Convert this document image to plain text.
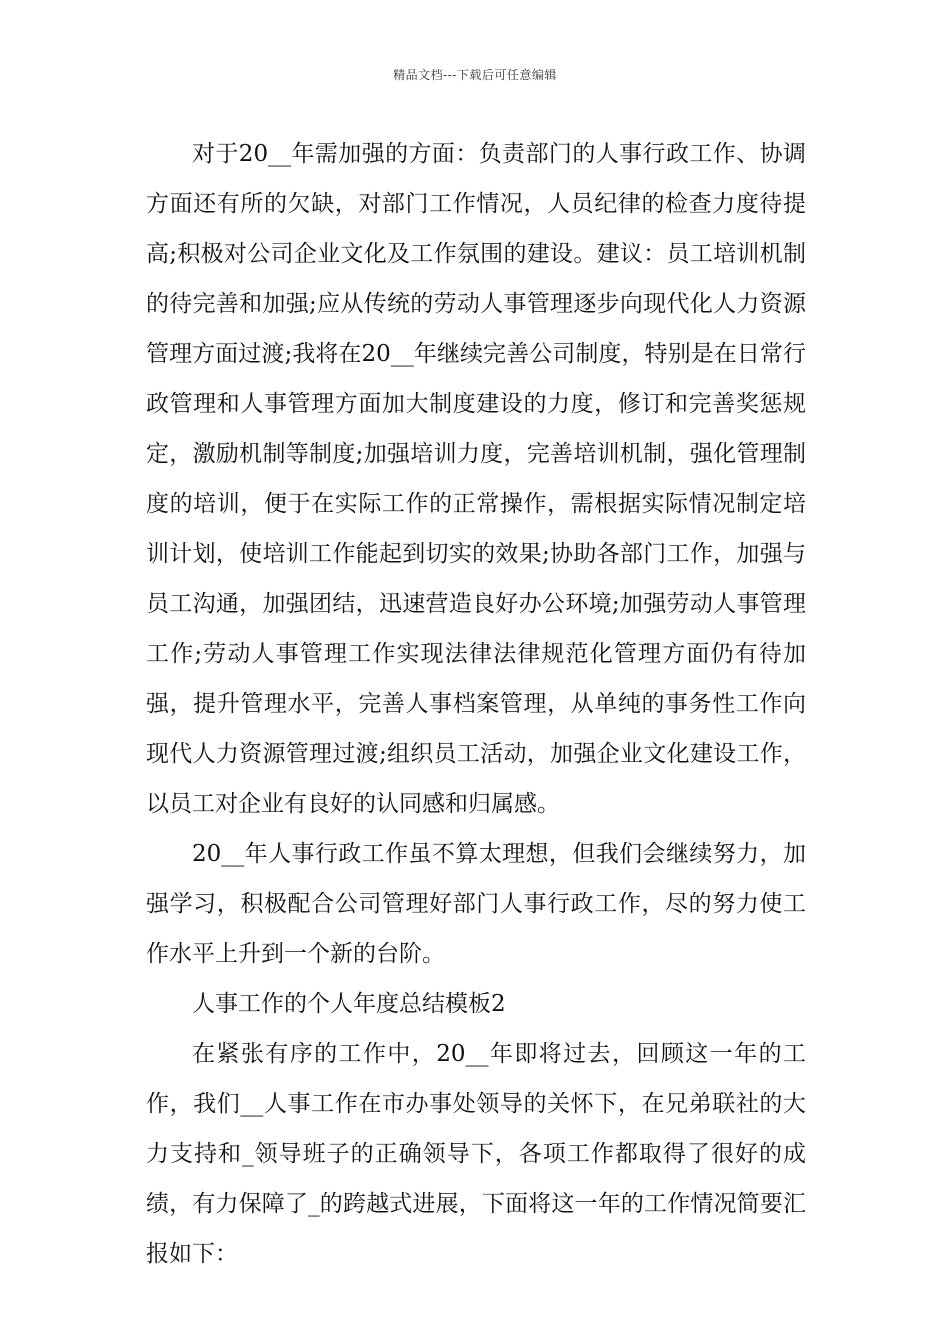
精品文档---下载后可任意编辑

对于20__年需加强的方面：负责部门的人事行政工作、协调方面还有所的欠缺，对部门工作情况，人员纪律的检查力度待提高;积极对公司企业文化及工作氛围的建设。建议：员工培训机制的待完善和加强;应从传统的劳动人事管理逐步向现代化人力资源管理方面过渡;我将在20__年继续完善公司制度，特别是在日常行政管理和人事管理方面加大制度建设的力度，修订和完善奖惩规定，激励机制等制度;加强培训力度，完善培训机制，强化管理制度的培训，便于在实际工作的正常操作，需根据实际情况制定培训计划，使培训工作能起到切实的效果;协助各部门工作，加强与员工沟通，加强团结，迅速营造良好办公环境;加强劳动人事管理工作;劳动人事管理工作实现法律法律规范化管理方面仍有待加强，提升管理水平，完善人事档案管理，从单纯的事务性工作向现代人力资源管理过渡;组织员工活动，加强企业文化建设工作，以员工对企业有良好的认同感和归属感。

20__年人事行政工作虽不算太理想，但我们会继续努力，加强学习，积极配合公司管理好部门人事行政工作，尽的努力使工作水平上升到一个新的台阶。

人事工作的个人年度总结模板2

在紧张有序的工作中，20__年即将过去，回顾这一年的工作，我们__人事工作在市办事处领导的关怀下，在兄弟联社的大力支持和_领导班子的正确领导下，各项工作都取得了很好的成绩，有力保障了_的跨越式进展，下面将这一年的工作情况简要汇报如下：
